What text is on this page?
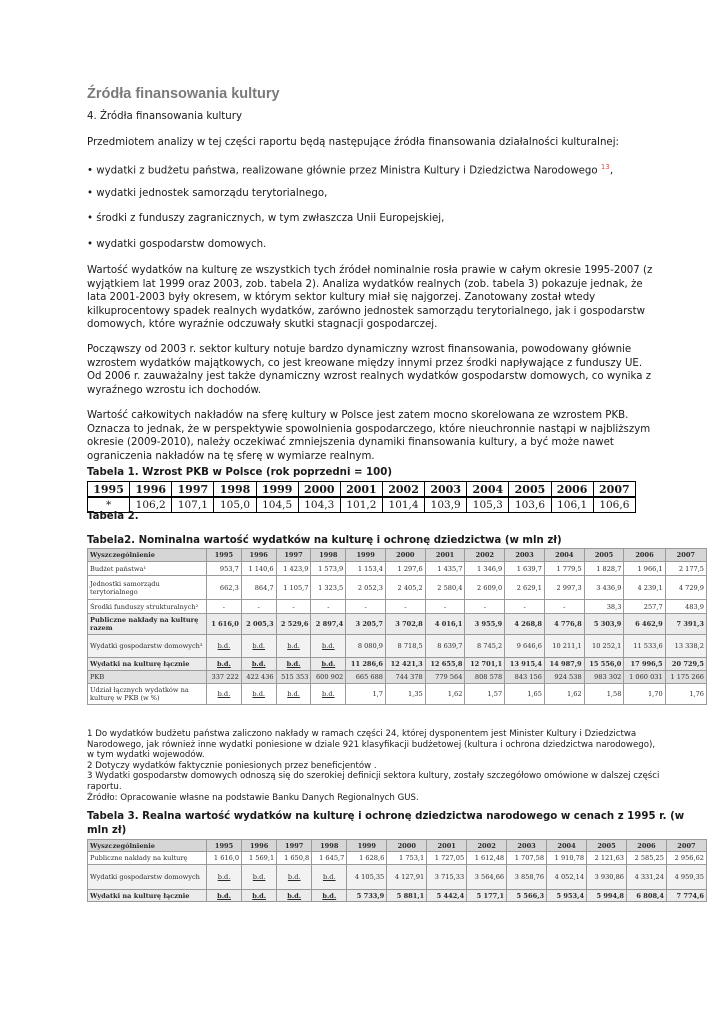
Źródła finansowania kultury
4. Źródła finansowania kultury
Przedmiotem analizy w tej części raportu będą następujące źródła finansowania działalności kulturalnej:
• wydatki z budżetu państwa, realizowane głównie przez Ministra Kultury i Dziedzictwa Narodowego $^{13}$,
• wydatki jednostek samorządu terytorialnego,
• środki z funduszy zagranicznych, w tym zwłaszcza Unii Europejskiej,
• wydatki gospodarstw domowych.
Wartość wydatków na kulturę ze wszystkich tych źródeł nominalnie rosła prawie w całym okresie 1995-2007 (z
wyjątkiem lat 1999 oraz 2003, zob. tabela 2). Analiza wydatków realnych (zob. tabela 3) pokazuje jednak, że
lata 2001-2003 były okresem, w którym sektor kultury miał się najgorzej. Zanotowany został wtedy
kilkuprocentowy spadek realnych wydatków, zarówno jednostek samorządu terytorialnego, jak i gospodarstw
domowych, które wyraźnie odczuwały skutki stagnacji gospodarczej.
Począwszy od 2003 r. sektor kultury notuje bardzo dynamiczny wzrost finansowania, powodowany głównie
wzrostem wydatków majątkowych, co jest kreowane między innymi przez środki napływające z funduszy UE.
Od 2006 r. zauważalny jest także dynamiczny wzrost realnych wydatków gospodarstw domowych, co wynika z
wyraźnego wzrostu ich dochodów.
Wartość całkowitych nakładów na sferę kultury w Polsce jest zatem mocno skorelowana ze wzrostem PKB.
Oznacza to jednak, że w perspektywie spowolnienia gospodarczego, które nieuchronnie nastąpi w najbliższym
okresie (2009-2010), należy oczekiwać zmniejszenia dynamiki finansowania kultury, a być może nawet
ograniczenia nakładów na tę sferę w wymiarze realnym.
Tabela 1. Wzrost PKB w Polsce (rok poprzedni = 100)
1995	1996	1997	1998	1999	2000	2001	2002	2003	2004	2005	2006	2007
*	106,2	107,1	105,0	104,5	104,3	101,2	101,4	103,9	105,3	103,6	106,1	106,6
Tabela 2.
Tabela2. Nominalna wartość wydatków na kulturę i ochronę dziedzictwa (w mln zł)
Wyszczególnienie	1995	1996	1997	1998	1999	2000	2001	2002	2003	2004	2005	2006	2007
Budżet państwa¹	953,7	1 140,6	1 423,9	1 573,9	1 153,4	1 297,6	1 435,7	1 346,9	1 639,7	1 779,5	1 828,7	1 966,1	2 177,5
Jednostki samorządu terytorialnego	662,3	864,7	1 105,7	1 323,5	2 052,3	2 405,2	2 580,4	2 609,0	2 629,1	2 997,3	3 436,9	4 239,1	4 729,9
Środki funduszy strukturalnych²	-	-	-	-	-	-	-	-	-	-	38,3	257,7	483,9
Publiczne nakłady na kulturę razem	1 616,0	2 005,3	2 529,6	2 897,4	3 205,7	3 702,8	4 016,1	3 955,9	4 268,8	4 776,8	5 303,9	6 462,9	7 391,3
Wydatki gospodarstw domowych³	b.d.	b.d.	b.d.	b.d.	8 080,9	8 718,5	8 639,7	8 745,2	9 646,6	10 211,1	10 252,1	11 533,6	13 338,2
Wydatki na kulturę łącznie	b.d.	b.d.	b.d.	b.d.	11 286,6	12 421,3	12 655,8	12 701,1	13 915,4	14 987,9	15 556,0	17 996,5	20 729,5
PKB	337 222	422 436	515 353	600 902	665 688	744 378	779 564	808 578	843 156	924 538	983 302	1 060 031	1 175 266
Udział łącznych wydatków na kulturę w PKB (w %)	b.d.	b.d.	b.d.	b.d.	1,7	1,35	1,62	1,57	1,65	1,62	1,58	1,70	1,76
1 Do wydatków budżetu państwa zaliczono nakłady w ramach części 24, której dysponentem jest Minister Kultury i Dziedzictwa
Narodowego, jak również inne wydatki poniesione w dziale 921 klasyfikacji budżetowej (kultura i ochrona dziedzictwa narodowego),
w tym wydatki wojewodów.
2 Dotyczy wydatków faktycznie poniesionych przez beneficjentów .
3 Wydatki gospodarstw domowych odnoszą się do szerokiej definicji sektora kultury, zostały szczegółowo omówione w dalszej części
raportu.
Źródło: Opracowanie własne na podstawie Banku Danych Regionalnych GUS.
Tabela 3. Realna wartość wydatków na kulturę i ochronę dziedzictwa narodowego w cenach z 1995 r. (w
mln zł)
Wyszczególnienie	1995	1996	1997	1998	1999	2000	2001	2002	2003	2004	2005	2006	2007
Publiczne nakłady na kulturę	1 616,0	1 569,1	1 650,8	1 645,7	1 628,6	1 753,1	1 727,05	1 612,48	1 707,58	1 910,78	2 121,63	2 585,25	2 956,62
Wydatki gospodarstw domowych	b.d.	b.d.	b.d.	b.d.	4 105,35	4 127,91	3 715,33	3 564,66	3 858,76	4 052,14	3 930,86	4 331,24	4 959,35
Wydatki na kulturę łącznie	b.d.	b.d.	b.d.	b.d.	5 733,9	5 881,1	5 442,4	5 177,1	5 566,3	5 953,4	5 994,8	6 808,4	7 774,6
